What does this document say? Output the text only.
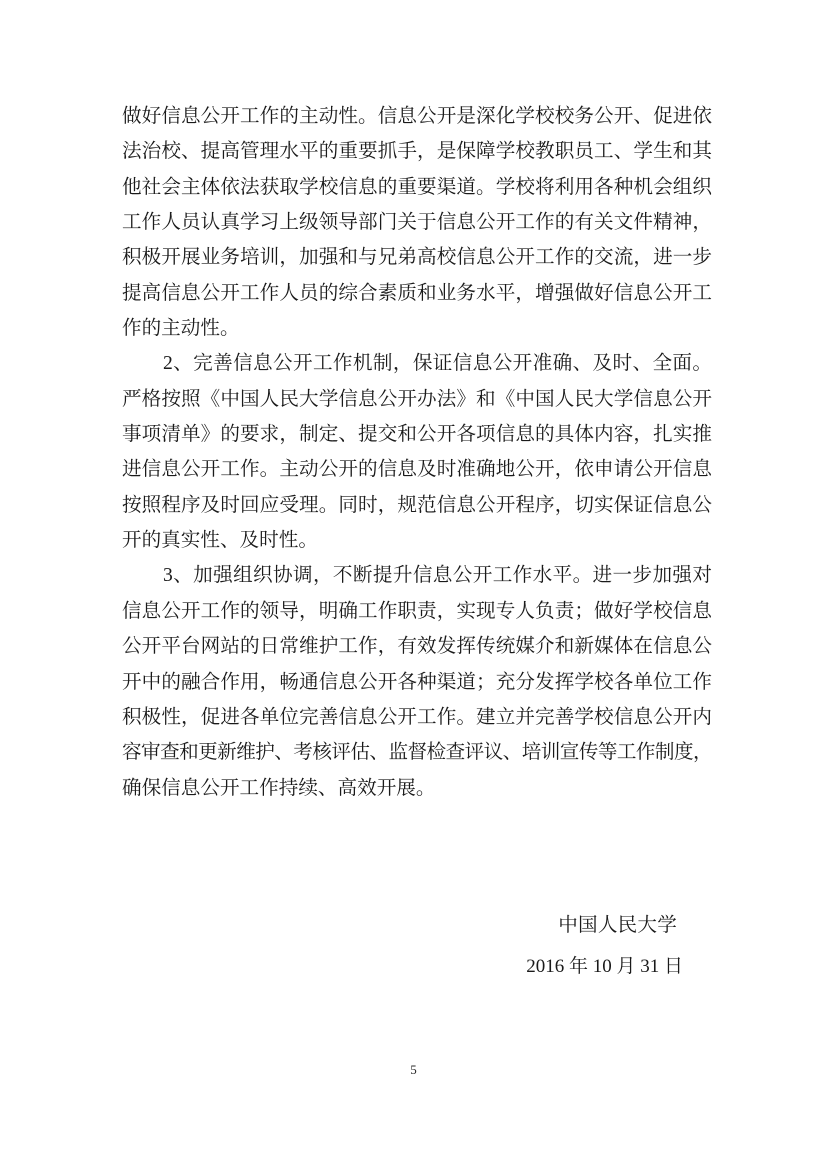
做好信息公开工作的主动性。信息公开是深化学校校务公开、促进依
法治校、提高管理水平的重要抓手，是保障学校教职员工、学生和其
他社会主体依法获取学校信息的重要渠道。学校将利用各种机会组织
工作人员认真学习上级领导部门关于信息公开工作的有关文件精神，
积极开展业务培训，加强和与兄弟高校信息公开工作的交流，进一步
提高信息公开工作人员的综合素质和业务水平，增强做好信息公开工
作的主动性。
2、完善信息公开工作机制，保证信息公开准确、及时、全面。
严格按照《中国人民大学信息公开办法》和《中国人民大学信息公开
事项清单》的要求，制定、提交和公开各项信息的具体内容，扎实推
进信息公开工作。主动公开的信息及时准确地公开，依申请公开信息
按照程序及时回应受理。同时，规范信息公开程序，切实保证信息公
开的真实性、及时性。
3、加强组织协调，不断提升信息公开工作水平。进一步加强对
信息公开工作的领导，明确工作职责，实现专人负责；做好学校信息
公开平台网站的日常维护工作，有效发挥传统媒介和新媒体在信息公
开中的融合作用，畅通信息公开各种渠道；充分发挥学校各单位工作
积极性，促进各单位完善信息公开工作。建立并完善学校信息公开内
容审查和更新维护、考核评估、监督检查评议、培训宣传等工作制度，
确保信息公开工作持续、高效开展。
中国人民大学
2016 年 10 月 31 日
5
